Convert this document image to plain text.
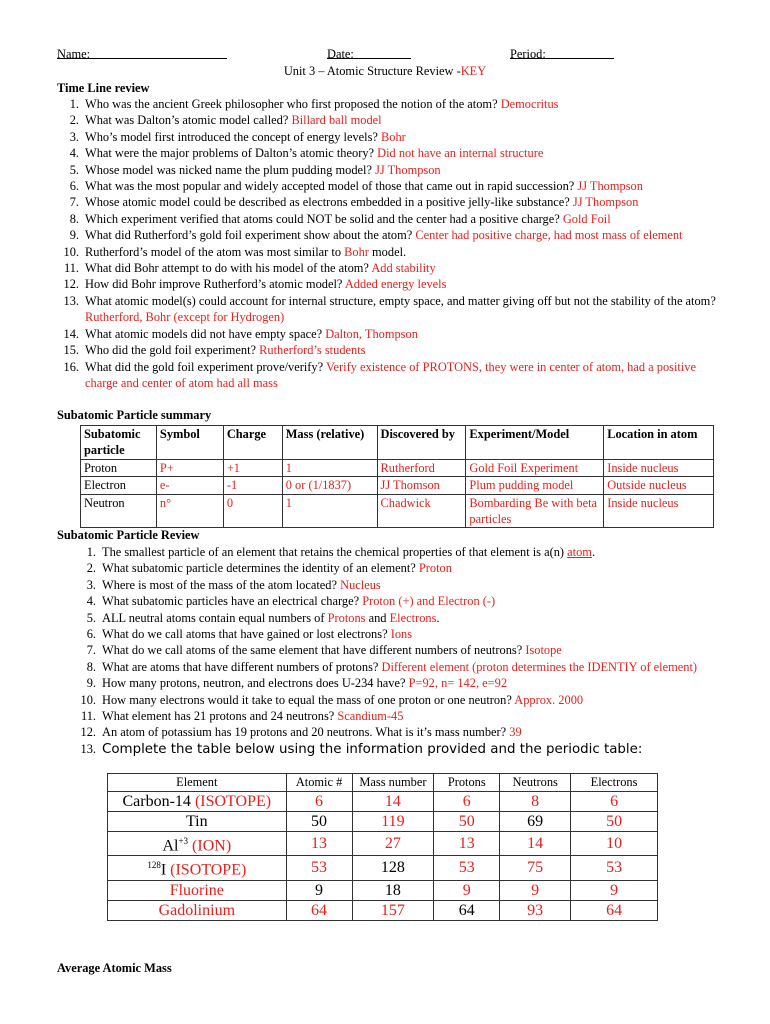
Name:	Date:	Period:
Unit 3 – Atomic Structure Review -KEY
Time Line review
1. Who was the ancient Greek philosopher who first proposed the notion of the atom? Democritus
2. What was Dalton’s atomic model called? Billard ball model
3. Who’s model first introduced the concept of energy levels? Bohr
4. What were the major problems of Dalton’s atomic theory? Did not have an internal structure
5. Whose model was nicked name the plum pudding model? JJ Thompson
6. What was the most popular and widely accepted model of those that came out in rapid succession? JJ Thompson
7. Whose atomic model could be described as electrons embedded in a positive jelly-like substance? JJ Thompson
8. Which experiment verified that atoms could NOT be solid and the center had a positive charge? Gold Foil
9. What did Rutherford’s gold foil experiment show about the atom? Center had positive charge, had most mass of element
10. Rutherford’s model of the atom was most similar to Bohr model.
11. What did Bohr attempt to do with his model of the atom? Add stability
12. How did Bohr improve Rutherford’s atomic model? Added energy levels
13. What atomic model(s) could account for internal structure, empty space, and matter giving off but not the stability of the atom? Rutherford, Bohr (except for Hydrogen)
14. What atomic models did not have empty space? Dalton, Thompson
15. Who did the gold foil experiment? Rutherford’s students
16. What did the gold foil experiment prove/verify? Verify existence of PROTONS, they were in center of atom, had a positive charge and center of atom had all mass
Subatomic Particle summary
Subatomic particle	Symbol	Charge	Mass (relative)	Discovered by	Experiment/Model	Location in atom
Proton	P+	+1	1	Rutherford	Gold Foil Experiment	Inside nucleus
Electron	e-	-1	0 or (1/1837)	JJ Thomson	Plum pudding model	Outside nucleus
Neutron	n°	0	1	Chadwick	Bombarding Be with beta particles	Inside nucleus
Subatomic Particle Review
1. The smallest particle of an element that retains the chemical properties of that element is a(n) atom.
2. What subatomic particle determines the identity of an element? Proton
3. Where is most of the mass of the atom located? Nucleus
4. What subatomic particles have an electrical charge? Proton (+) and Electron (-)
5. ALL neutral atoms contain equal numbers of Protons and Electrons.
6. What do we call atoms that have gained or lost electrons? Ions
7. What do we call atoms of the same element that have different numbers of neutrons? Isotope
8. What are atoms that have different numbers of protons? Different element (proton determines the IDENTIY of element)
9. How many protons, neutron, and electrons does U-234 have? P=92, n= 142, e=92
10. How many electrons would it take to equal the mass of one proton or one neutron? Approx. 2000
11. What element has 21 protons and 24 neutrons? Scandium-45
12. An atom of potassium has 19 protons and 20 neutrons. What is it’s mass number? 39
13. Complete the table below using the information provided and the periodic table:
Element	Atomic #	Mass number	Protons	Neutrons	Electrons
Carbon-14 (ISOTOPE)	6	14	6	8	6
Tin	50	119	50	69	50
$Al^{+3}$ (ION)	13	27	13	14	10
$^{128}$I (ISOTOPE)	53	128	53	75	53
Fluorine	9	18	9	9	9
Gadolinium	64	157	64	93	64
Average Atomic Mass
